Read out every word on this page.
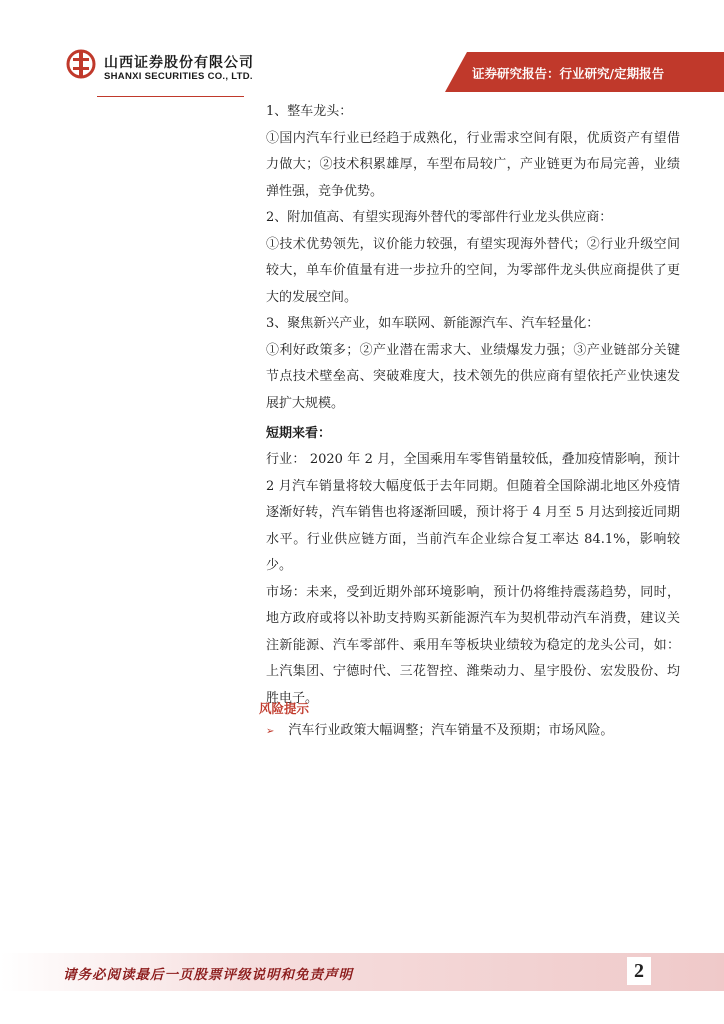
山西证券股份有限公司
SHANXI SECURITIES CO., LTD.	证券研究报告：行业研究/定期报告

1、整车龙头：

①国内汽车行业已经趋于成熟化，行业需求空间有限，优质资产有望借力做大；②技术积累雄厚，车型布局较广，产业链更为布局完善，业绩弹性强，竞争优势。

2、附加值高、有望实现海外替代的零部件行业龙头供应商：

①技术优势领先，议价能力较强，有望实现海外替代；②行业升级空间较大，单车价值量有进一步拉升的空间，为零部件龙头供应商提供了更大的发展空间。

3、聚焦新兴产业，如车联网、新能源汽车、汽车轻量化：

①利好政策多；②产业潜在需求大、业绩爆发力强；③产业链部分关键节点技术壁垒高、突破难度大，技术领先的供应商有望依托产业快速发展扩大规模。

短期来看：

行业： 2020 年 2 月，全国乘用车零售销量较低，叠加疫情影响，预计 2 月汽车销量将较大幅度低于去年同期。但随着全国除湖北地区外疫情逐渐好转，汽车销售也将逐渐回暖，预计将于 4 月至 5 月达到接近同期水平。行业供应链方面，当前汽车企业综合复工率达 84.1%，影响较少。

市场：未来，受到近期外部环境影响，预计仍将维持震荡趋势，同时，地方政府或将以补助支持购买新能源汽车为契机带动汽车消费，建议关注新能源、汽车零部件、乘用车等板块业绩较为稳定的龙头公司，如：上汽集团、宁德时代、三花智控、潍柴动力、星宇股份、宏发股份、均胜电子。

风险提示
➢ 汽车行业政策大幅调整；汽车销量不及预期；市场风险。
请务必阅读最后一页股票评级说明和免责声明	2
